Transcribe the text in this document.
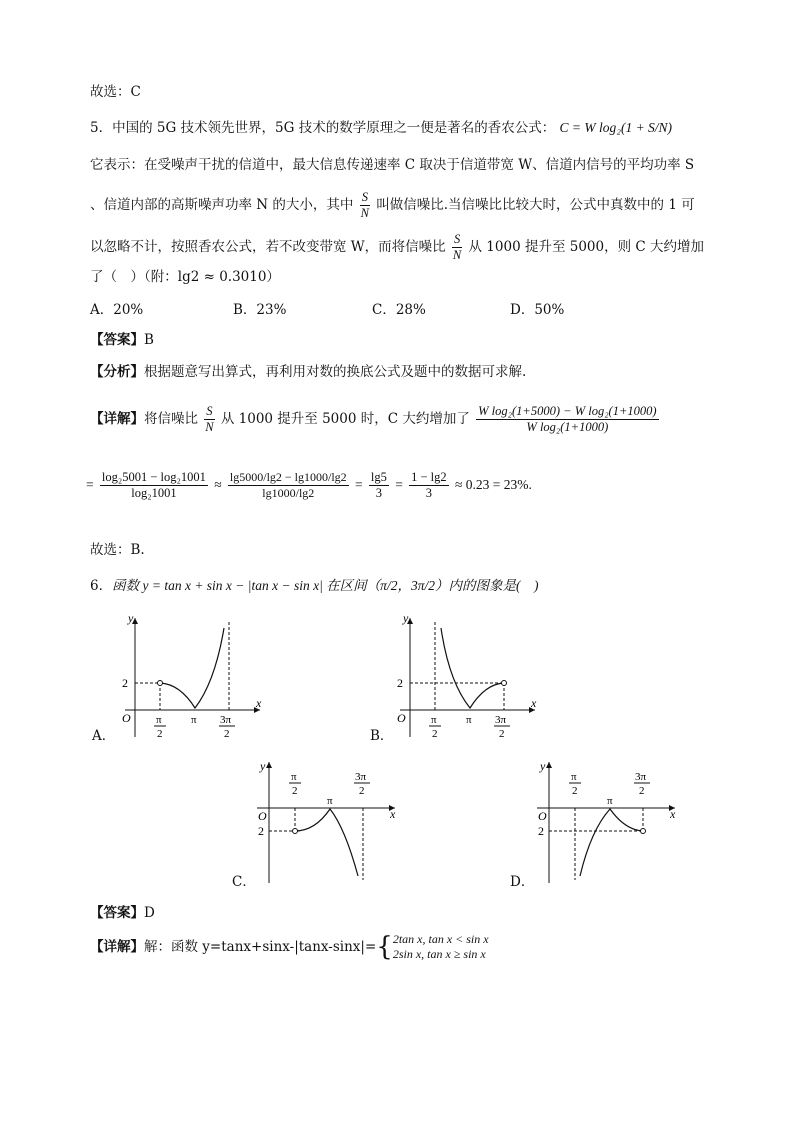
故选：C
5．中国的 5G 技术领先世界，5G 技术的数学原理之一便是著名的香农公式： C = W log₂(1 + S/N)
它表示：在受噪声干扰的信道中，最大信息传递速率 C 取决于信道带宽 W、信道内信号的平均功率 S
、信道内部的高斯噪声功率 N 的大小，其中 $\frac{S}{N}$ 叫做信噪比.当信噪比比较大时，公式中真数中的 1 可
以忽略不计，按照香农公式，若不改变带宽 W，而将信噪比 $\frac{S}{N}$ 从 1000 提升至 5000，则 C 大约增加
了（　）（附：lg2 ≈ 0.3010）
A．20%	B．23%	C．28%	D．50%
【答案】B
【分析】根据题意写出算式，再利用对数的换底公式及题中的数据可求解.
【详解】将信噪比 $\frac{S}{N}$ 从 1000 提升至 5000 时，C 大约增加了 $\frac{\text{W log₂(1+5000) − W log₂(1+1000)}}{\text{W log₂(1+1000)}}$
= $\frac{\text{log₂5001 − log₂1001}}{\text{log₂1001}} \approx \frac{\lg 5000/\lg 2 - \lg 1000/\lg 2}{\lg 1000/\lg 2} = \frac{\lg 5}{3} = \frac{1 - \lg 2}{3} \approx 0.23 = 23\%$.
故选：B.
6．函数 y = tan x + sin x − |tan x − sin x| 在区间（π/2，3π/2）内的图象是(　)
y
x
O
2
π
2
π 3π
2
A．
y
x
O
2
π
2
π 3π
2
B．
y
x
O
2
π
2
π
3π
2
C．
y
x
O
2
π
2
π
3π
2
D．
【答案】D
【详解】解：函数 y=tanx+sinx-|tanx-sinx|={ 2tan x, tan x < sin x
2sin x, tan x ≥ sin x
